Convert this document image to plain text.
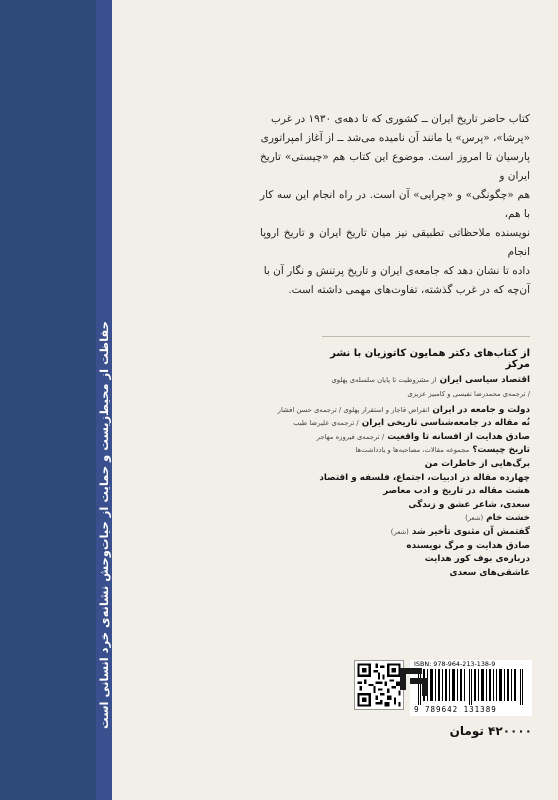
حفاظت از محیط‌زیست و حمایت از حیات‌وحش نشانه‌ی خرد انسانی است
کتاب حاضر تاریخ ایران ــ کشوری که تا دهه‌ی ۱۹۳۰ در غرب
«پرشا»، «پرس» یا مانند آن نامیده می‌شد ــ از آغاز امپراتوری
پارسیان تا امروز است. موضوع این کتاب هم «چیستی» تاریخ ایران و
هم «چگونگی» و «چرایی» آن است. در راه انجام این سه کار با هم،
نویسنده ملاحظاتی تطبیقی نیز میان تاریخ ایران و تاریخ اروپا انجام
داده تا نشان دهد که جامعه‌ی ایران و تاریخ پرتنش و نگار آن با
آن‌چه که در غرب گذشته، تفاوت‌های مهمی داشته است.
از کتاب‌های دکتر همایون کاتوزیان با نشر مرکز
اقتصاد سیاسی ایران از مشروطیت تا پایان سلسله‌ی پهلوی
/ ترجمه‌ی محمدرضا نفیسی و کامبیز عزیزی
دولت و جامعه در ایران انقراض قاجار و استقرار پهلوی / ترجمه‌ی حسن افشار
نُه مقاله در جامعه‌شناسی تاریخی ایران / ترجمه‌ی علیرضا طیب
صادق هدایت از افسانه تا واقعیت / ترجمه‌ی فیروزه مهاجر
تاریخ چیست؟ مجموعه مقالات، مصاحبه‌ها و یادداشت‌ها
برگ‌هایی از خاطرات من
چهارده مقاله در ادبیات، اجتماع، فلسفه و اقتصاد
هشت مقاله در تاریخ و ادب معاصر
سعدی، شاعر عشق و زندگی
خشت خام (شعر)
گفتمش آن مثنوی تأخیر شد (شعر)
صادق هدایت و مرگ نویسنده
درباره‌ی بوف کور هدایت
عاشقی‌های سعدی
ISBN: 978-964-213-138-9
9 789642 131389
۴۲۰۰۰۰ تومان
